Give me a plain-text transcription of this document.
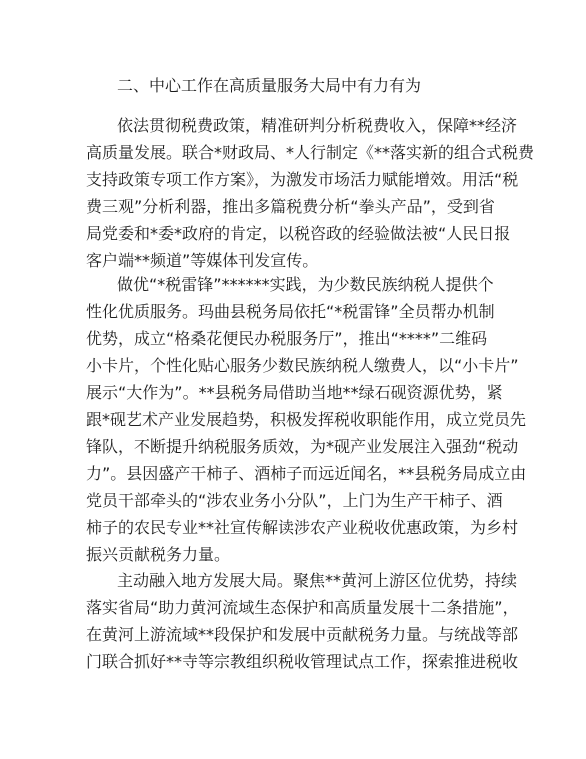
二、中心工作在高质量服务大局中有力有为
依法贯彻税费政策，精准研判分析税费收入，保障**经济
高质量发展。联合*财政局、*人行制定《**落实新的组合式税费
支持政策专项工作方案》，为激发市场活力赋能增效。用活“税
费三观”分析利器，推出多篇税费分析“拳头产品”，受到省
局党委和*委*政府的肯定，以税咨政的经验做法被“人民日报
客户端**频道”等媒体刊发宣传。
做优“*税雷锋”******实践，为少数民族纳税人提供个
性化优质服务。玛曲县税务局依托“*税雷锋”全员帮办机制
优势，成立“格桑花便民办税服务厅”，推出“****”二维码
小卡片，个性化贴心服务少数民族纳税人缴费人，以“小卡片”
展示“大作为”。**县税务局借助当地**绿石砚资源优势，紧
跟*砚艺术产业发展趋势，积极发挥税收职能作用，成立党员先
锋队，不断提升纳税服务质效，为*砚产业发展注入强劲“税动
力”。县因盛产干柿子、酒柿子而远近闻名，**县税务局成立由
党员干部牵头的“涉农业务小分队”，上门为生产干柿子、酒
柿子的农民专业**社宣传解读涉农产业税收优惠政策，为乡村
振兴贡献税务力量。
主动融入地方发展大局。聚焦**黄河上游区位优势，持续
落实省局“助力黄河流域生态保护和高质量发展十二条措施”，
在黄河上游流域**段保护和发展中贡献税务力量。与统战等部
门联合抓好**寺等宗教组织税收管理试点工作，探索推进税收
